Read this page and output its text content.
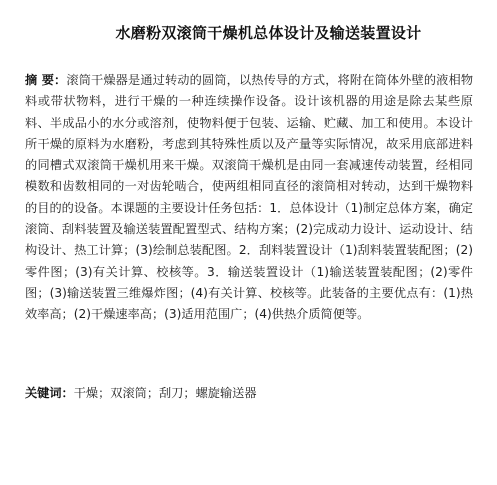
水磨粉双滚筒干燥机总体设计及输送装置设计

摘 要：滚筒干燥器是通过转动的圆筒，以热传导的方式，将附在筒体外壁的液相物料或带状物料，进行干燥的一种连续操作设备。设计该机器的用途是除去某些原料、半成品小的水分或溶剂，使物料便于包装、运输、贮藏、加工和使用。本设计所干燥的原料为水磨粉，考虑到其特殊性质以及产量等实际情况，故采用底部进料的同槽式双滚筒干燥机用来干燥。双滚筒干燥机是由同一套减速传动装置，经相同模数和齿数相同的一对齿轮啮合，使两组相同直径的滚筒相对转动，达到干燥物料的目的的设备。本课题的主要设计任务包括：1．总体设计（1)制定总体方案，确定滚筒、刮料装置及输送装置配置型式、结构方案；(2)完成动力设计、运动设计、结构设计、热工计算；(3)绘制总装配图。2．刮料装置设计（1)刮料装置装配图；(2)零件图；(3)有关计算、校核等。3．输送装置设计（1)输送装置装配图；(2)零件图；(3)输送装置三维爆炸图；(4)有关计算、校核等。此装备的主要优点有：(1)热效率高；(2)干燥速率高；(3)适用范围广；(4)供热介质简便等。

关键词：干燥；双滚筒；刮刀；螺旋输送器
